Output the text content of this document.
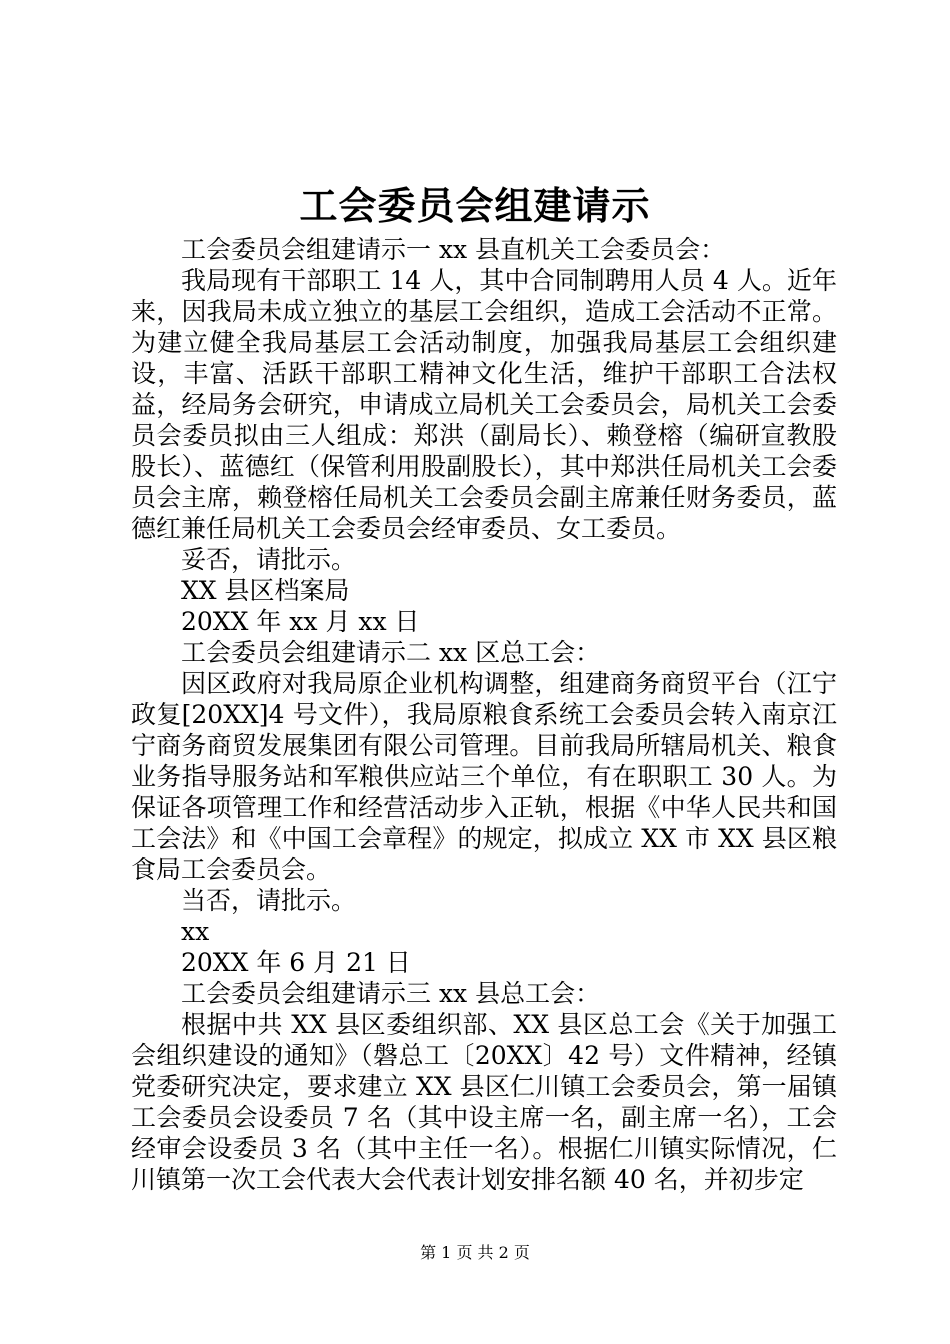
工会委员会组建请示

工会委员会组建请示一 xx 县直机关工会委员会：

我局现有干部职工 14 人，其中合同制聘用人员 4 人。近年来，因我局未成立独立的基层工会组织，造成工会活动不正常。为建立健全我局基层工会活动制度，加强我局基层工会组织建设，丰富、活跃干部职工精神文化生活，维护干部职工合法权益，经局务会研究，申请成立局机关工会委员会，局机关工会委员会委员拟由三人组成：郑洪（副局长）、赖登榕（编研宣教股股长）、蓝德红（保管利用股副股长），其中郑洪任局机关工会委员会主席，赖登榕任局机关工会委员会副主席兼任财务委员，蓝德红兼任局机关工会委员会经审委员、女工委员。

妥否，请批示。

XX 县区档案局

20XX 年 xx 月 xx 日

工会委员会组建请示二 xx 区总工会：

因区政府对我局原企业机构调整，组建商务商贸平台（江宁政复[20XX]4 号文件），我局原粮食系统工会委员会转入南京江宁商务商贸发展集团有限公司管理。目前我局所辖局机关、粮食业务指导服务站和军粮供应站三个单位，有在职职工 30 人。为保证各项管理工作和经营活动步入正轨，根据《中华人民共和国工会法》和《中国工会章程》的规定，拟成立 XX 市 XX 县区粮食局工会委员会。

当否，请批示。

xx

20XX 年 6 月 21 日

工会委员会组建请示三 xx 县总工会：

根据中共 XX 县区委组织部、XX 县区总工会《关于加强工会组织建设的通知》（磐总工〔20XX〕42 号）文件精神，经镇党委研究决定，要求建立 XX 县区仁川镇工会委员会，第一届镇工会委员会设委员 7 名（其中设主席一名，副主席一名），工会经审会设委员 3 名（其中主任一名）。根据仁川镇实际情况，仁川镇第一次工会代表大会代表计划安排名额 40 名，并初步定

第 1 页 共 2 页
